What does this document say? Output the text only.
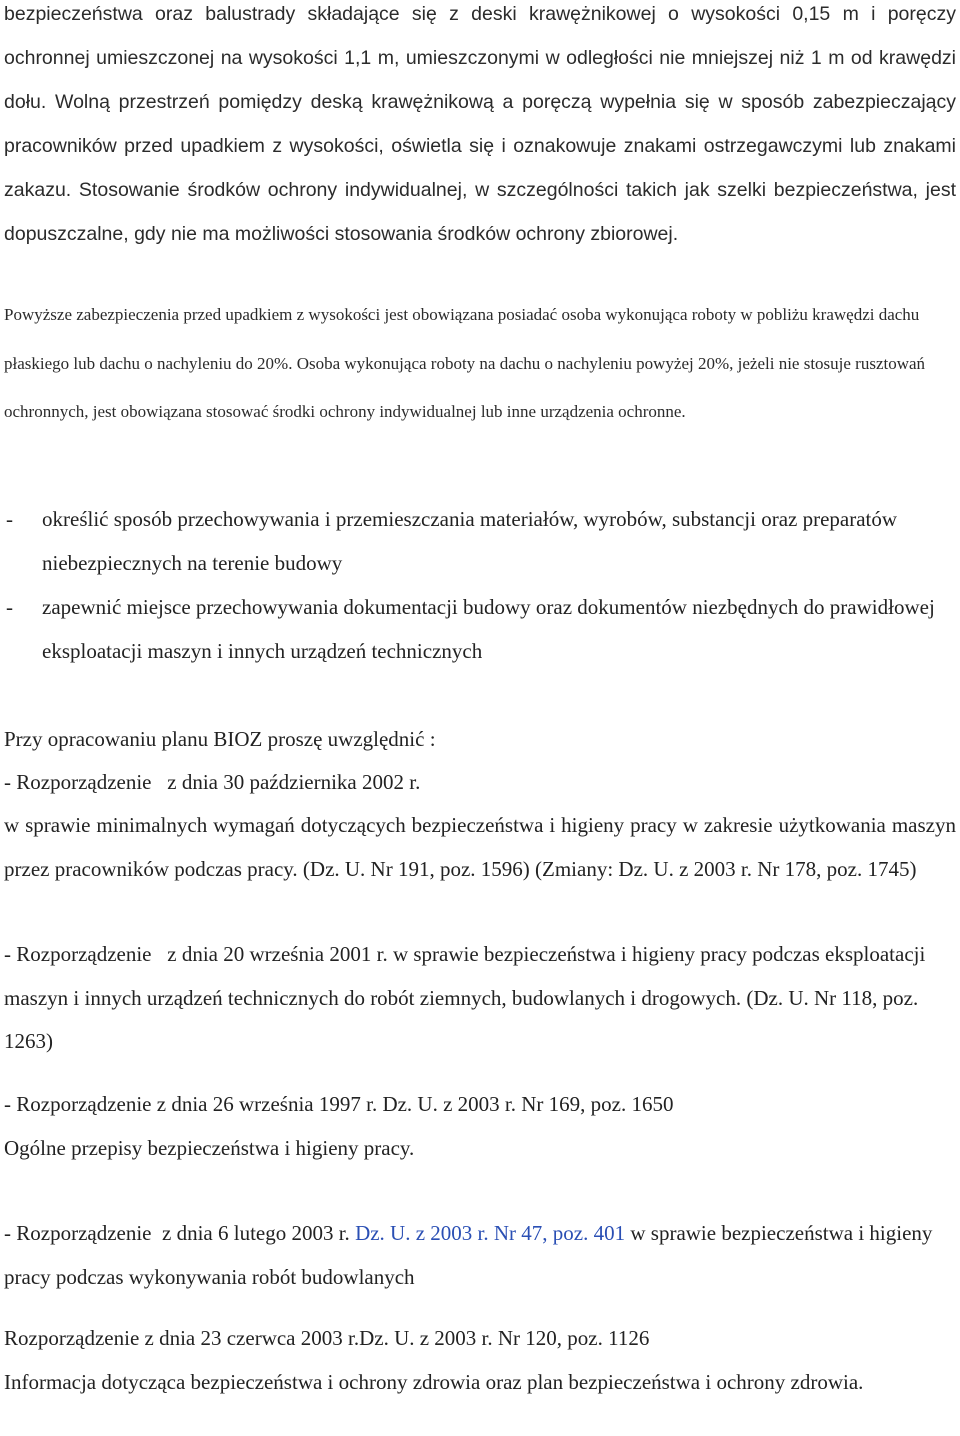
bezpieczeństwa oraz balustrady składające się z deski krawężnikowej o wysokości 0,15 m i poręczy ochronnej umieszczonej na wysokości 1,1 m, umieszczonymi w odległości nie mniejszej niż 1 m od krawędzi dołu. Wolną przestrzeń pomiędzy deską krawężnikową a poręczą wypełnia się w sposób zabezpieczający pracowników przed upadkiem z wysokości, oświetla się i oznakowuje znakami ostrzegawczymi lub znakami zakazu. Stosowanie środków ochrony indywidualnej, w szczególności takich jak szelki bezpieczeństwa, jest dopuszczalne, gdy nie ma możliwości stosowania środków ochrony zbiorowej.

Powyższe zabezpieczenia przed upadkiem z wysokości jest obowiązana posiadać osoba wykonująca roboty w pobliżu krawędzi dachu płaskiego lub dachu o nachyleniu do 20%. Osoba wykonująca roboty na dachu o nachyleniu powyżej 20%, jeżeli nie stosuje rusztowań ochronnych, jest obowiązana stosować środki ochrony indywidualnej lub inne urządzenia ochronne.

- określić sposób przechowywania i przemieszczania materiałów, wyrobów, substancji oraz preparatów niebezpiecznych na terenie budowy
- zapewnić miejsce przechowywania dokumentacji budowy oraz dokumentów niezbędnych do prawidłowej eksploatacji maszyn i innych urządzeń technicznych

Przy opracowaniu planu BIOZ proszę uwzględnić :

- Rozporządzenie   z dnia 30 października 2002 r.

w sprawie minimalnych wymagań dotyczących bezpieczeństwa i higieny pracy w zakresie użytkowania maszyn przez pracowników podczas pracy. (Dz. U. Nr 191, poz. 1596) (Zmiany: Dz. U. z 2003 r. Nr 178, poz. 1745)

- Rozporządzenie   z dnia 20 września 2001 r. w sprawie bezpieczeństwa i higieny pracy podczas eksploatacji maszyn i innych urządzeń technicznych do robót ziemnych, budowlanych i drogowych. (Dz. U. Nr 118, poz. 1263)

- Rozporządzenie z dnia 26 września 1997 r. Dz. U. z 2003 r. Nr 169, poz. 1650
Ogólne przepisy bezpieczeństwa i higieny pracy.

- Rozporządzenie  z dnia 6 lutego 2003 r. Dz. U. z 2003 r. Nr 47, poz. 401 w sprawie bezpieczeństwa i higieny pracy podczas wykonywania robót budowlanych

Rozporządzenie z dnia 23 czerwca 2003 r.Dz. U. z 2003 r. Nr 120, poz. 1126

Informacja dotycząca bezpieczeństwa i ochrony zdrowia oraz plan bezpieczeństwa i ochrony zdrowia.
